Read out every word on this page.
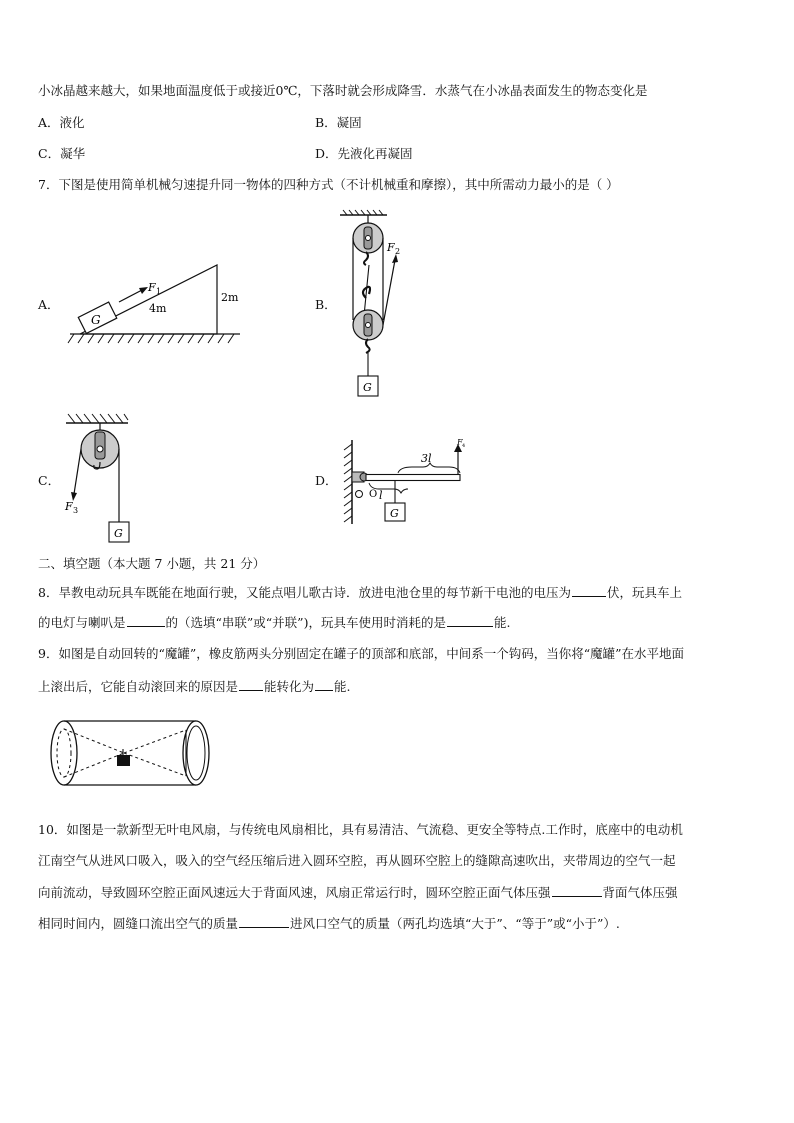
小冰晶越来越大，如果地面温度低于或接近0℃，下落时就会形成降雪．水蒸气在小冰晶表面发生的物态变化是
A．液化	B．凝固
C．凝华	D．先液化再凝固
7．下图是使用简单机械匀速提升同一物体的四种方式（不计机械重和摩擦），其中所需动力最小的是（ ）
A．
G
F 1
4m
2m	B．
F 2
G
C．
F 3
G
D．
O l
3l
F 4
G
二、填空题（本大题 7 小题，共 21 分）
8．旱教电动玩具车既能在地面行驶，又能点唱儿歌古诗．放进电池仓里的每节新干电池的电压为	伏，玩具车上
的电灯与喇叭是	的（选填“串联”或“并联”)，玩具车使用时消耗的是	能.
9．如图是自动回转的“魔罐”，橡皮筋两头分别固定在罐子的顶部和底部，中间系一个钩码，当你将“魔罐”在水平地面
上滚出后，它能自动滚回来的原因是 能转化为 能.
10．如图是一款新型无叶电风扇，与传统电风扇相比，具有易清洁、气流稳、更安全等特点.工作时，底座中的电动机
江南空气从进风口吸入，吸入的空气经压缩后进入圆环空腔，再从圆环空腔上的缝隙高速吹出，夹带周边的空气一起
向前流动，导致圆环空腔正面风速远大于背面风速，风扇正常运行时，圆环空腔正面气体压强	背面气体压强
相同时间内，圆缝口流出空气的质量	进风口空气的质量（两孔均选填“大于”、“等于”或“小于”）.
